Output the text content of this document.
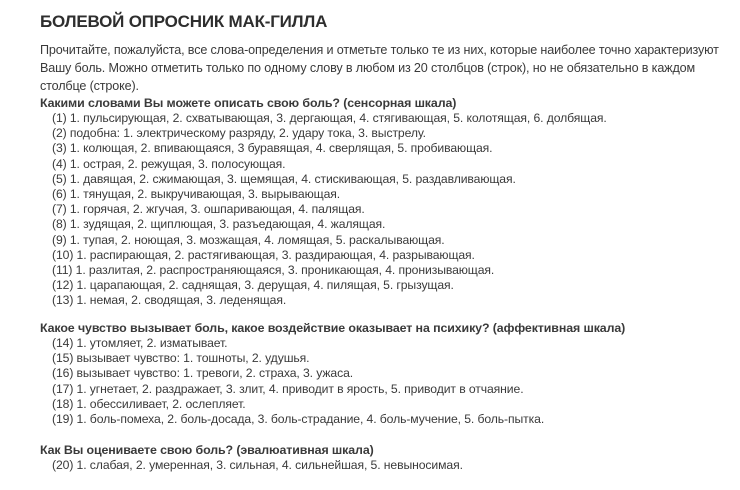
БОЛЕВОЙ ОПРОСНИК МАК-ГИЛЛА

Прочитайте, пожалуйста, все слова-определения и отметьте только те из них, которые наиболее точно характеризуют Вашу боль. Можно отметить только по одному слову в любом из 20 столбцов (строк), но не обязательно в каждом столбце (строке).

Какими словами Вы можете описать свою боль? (сенсорная шкала)
(1) 1. пульсирующая, 2. схватывающая, 3. дергающая, 4. стягивающая, 5. колотящая, 6. долбящая.
(2) подобна: 1. электрическому разряду, 2. удару тока, 3. выстрелу.
(3) 1. колющая, 2. впивающаяся, 3 буравящая, 4. сверлящая, 5. пробивающая.
(4) 1. острая, 2. режущая, 3. полосующая.
(5) 1. давящая, 2. сжимающая, 3. щемящая, 4. стискивающая, 5. раздавливающая.
(6) 1. тянущая, 2. выкручивающая, 3. вырывающая.
(7) 1. горячая, 2. жгучая, 3. ошпаривающая, 4. палящая.
(8) 1. зудящая, 2. щиплющая, 3. разъедающая, 4. жалящая.
(9) 1. тупая, 2. ноющая, 3. мозжащая, 4. ломящая, 5. раскалывающая.
(10) 1. распирающая, 2. растягивающая, 3. раздирающая, 4. разрывающая.
(11) 1. разлитая, 2. распространяющаяся, 3. проникающая, 4. пронизывающая.
(12) 1. царапающая, 2. саднящая, 3. дерущая, 4. пилящая, 5. грызущая.
(13) 1. немая, 2. сводящая, 3. леденящая.
Какое чувство вызывает боль, какое воздействие оказывает на психику? (аффективная шкала)
(14) 1. утомляет, 2. изматывает.
(15) вызывает чувство: 1. тошноты, 2. удушья.
(16) вызывает чувство: 1. тревоги, 2. страха, 3. ужаса.
(17) 1. угнетает, 2. раздражает, 3. злит, 4. приводит в ярость, 5. приводит в отчаяние.
(18) 1. обессиливает, 2. ослепляет.
(19) 1. боль-помеха, 2. боль-досада, 3. боль-страдание, 4. боль-мучение, 5. боль-пытка.
Как Вы оцениваете свою боль? (эвалюативная шкала)
(20) 1. слабая, 2. умеренная, 3. сильная, 4. сильнейшая, 5. невыносимая.
